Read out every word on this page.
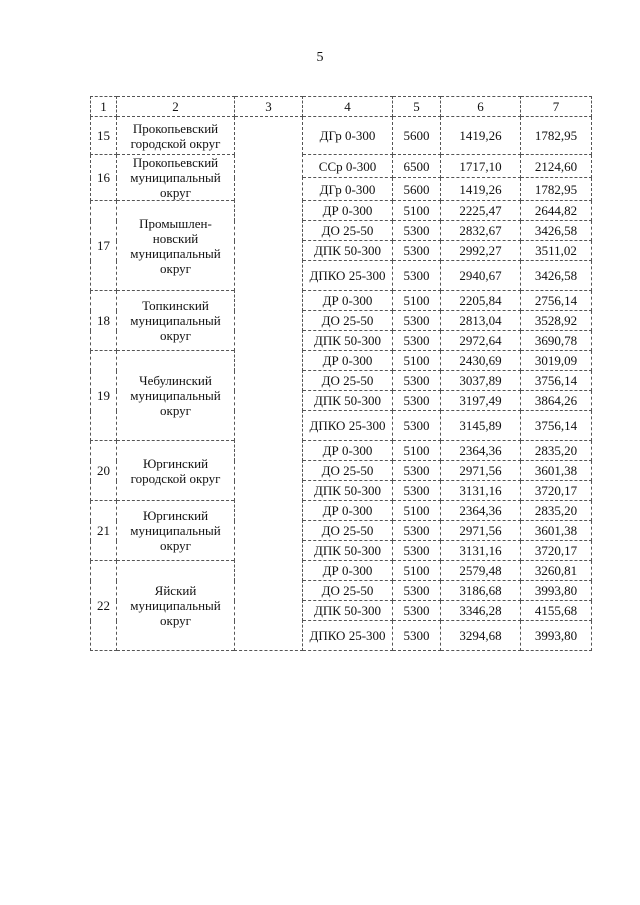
5
1	2	3	4	5	6	7
15	Прокопьевский городской округ		ДГр 0-300	5600	1419,26	1782,95
16	Прокопьевский муниципальный округ		ССр 0-300	6500	1717,10	2124,60
			ДГр 0-300	5600	1419,26	1782,95
17	Промышлен-новский муниципальный округ		ДР 0-300	5100	2225,47	2644,82
			ДО 25-50	5300	2832,67	3426,58
			ДПК 50-300	5300	2992,27	3511,02
			ДПКО 25-300	5300	2940,67	3426,58
18	Топкинский муниципальный округ		ДР 0-300	5100	2205,84	2756,14
			ДО 25-50	5300	2813,04	3528,92
			ДПК 50-300	5300	2972,64	3690,78
19	Чебулинский муниципальный округ		ДР 0-300	5100	2430,69	3019,09
			ДО 25-50	5300	3037,89	3756,14
			ДПК 50-300	5300	3197,49	3864,26
			ДПКО 25-300	5300	3145,89	3756,14
20	Юргинский городской округ		ДР 0-300	5100	2364,36	2835,20
			ДО 25-50	5300	2971,56	3601,38
			ДПК 50-300	5300	3131,16	3720,17
21	Юргинский муниципальный округ		ДР 0-300	5100	2364,36	2835,20
			ДО 25-50	5300	2971,56	3601,38
			ДПК 50-300	5300	3131,16	3720,17
22	Яйский муниципальный округ		ДР 0-300	5100	2579,48	3260,81
			ДО 25-50	5300	3186,68	3993,80
			ДПК 50-300	5300	3346,28	4155,68
			ДПКО 25-300	5300	3294,68	3993,80
